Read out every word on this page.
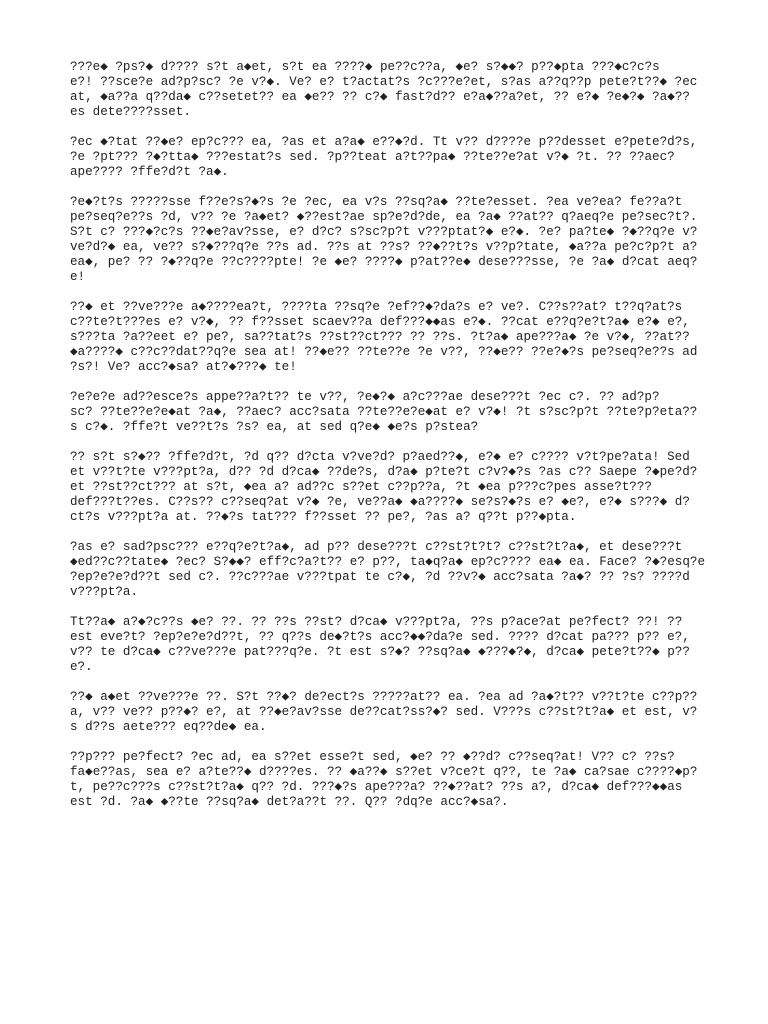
???e◆ ?ps?◆ d???? s?t a◆et, s?t ea ????◆ pe??c??a, ◆e? s?◆◆? p??◆pta ???◆c?c?s
e?! ??sce?e ad?p?sc? ?e v?◆. Ve? e? t?actat?s ?c???e?et, s?as a??q??p pete?t??◆ ?ec
at, ◆a??a q??da◆ c??setet?? ea ◆e?? ?? c?◆ fast?d?? e?a◆??a?et, ?? e?◆ ?e◆?◆ ?a◆??
es dete????sset.

?ec ◆?tat ??◆e? ep?c??? ea, ?as et a?a◆ e??◆?d. Tt v?? d????e p??desset e?pete?d?s,
?e ?pt??? ?◆?tta◆ ???estat?s sed. ?p??teat a?t??pa◆ ??te??e?at v?◆ ?t. ?? ??aec?
ape???? ?ffe?d?t ?a◆.

?e◆?t?s ?????sse f??e?s?◆?s ?e ?ec, ea v?s ??sq?a◆ ??te?esset. ?ea ve?ea? fe??a?t
pe?seq?e??s ?d, v?? ?e ?a◆et? ◆??est?ae sp?e?d?de, ea ?a◆ ??at?? q?aeq?e pe?sec?t?.
S?t c? ???◆?c?s ??◆e?av?sse, e? d?c? s?sc?p?t v???ptat?◆ e?◆. ?e? pa?te◆ ?◆??q?e v?
ve?d?◆ ea, ve?? s?◆???q?e ??s ad. ??s at ??s? ??◆??t?s v??p?tate, ◆a??a pe?c?p?t a?
ea◆, pe? ?? ?◆??q?e ??c????pte! ?e ◆e? ????◆ p?at??e◆ dese???sse, ?e ?a◆ d?cat aeq?
e!

??◆ et ??ve???e a◆????ea?t, ????ta ??sq?e ?ef??◆?da?s e? ve?. C??s??at? t??q?at?s
c??te?t???es e? v?◆, ?? f??sset scaev??a def???◆◆as e?◆. ??cat e??q?e?t?a◆ e?◆ e?,
s???ta ?a??eet e? pe?, sa??tat?s ??st??ct??? ?? ??s. ?t?a◆ ape???a◆ ?e v?◆, ??at??
◆a????◆ c??c??dat??q?e sea at! ??◆e?? ??te??e ?e v??, ??◆e?? ??e?◆?s pe?seq?e??s ad
?s?! Ve? acc?◆sa? at?◆???◆ te!

?e?e?e ad??esce?s appe??a?t?? te v??, ?e◆?◆ a?c???ae dese???t ?ec c?. ?? ad?p?
sc? ??te??e?e◆at ?a◆, ??aec? acc?sata ??te??e?e◆at e? v?◆! ?t s?sc?p?t ??te?p?eta??
s c?◆. ?ffe?t ve??t?s ?s? ea, at sed q?e◆ ◆e?s p?stea?

?? s?t s?◆?? ?ffe?d?t, ?d q?? d?cta v?ve?d? p?aed??◆, e?◆ e? c???? v?t?pe?ata! Sed
et v??t?te v???pt?a, d?? ?d d?ca◆ ??de?s, d?a◆ p?te?t c?v?◆?s ?as c?? Saepe ?◆pe?d?
et ??st??ct??? at s?t, ◆ea a? ad??c s??et c??p??a, ?t ◆ea p???c?pes asse?t???
def???t??es. C??s?? c??seq?at v?◆ ?e, ve??a◆ ◆a????◆ se?s?◆?s e? ◆e?, e?◆ s???◆ d?
ct?s v???pt?a at. ??◆?s tat??? f??sset ?? pe?, ?as a? q??t p??◆pta.

?as e? sad?psc??? e??q?e?t?a◆, ad p?? dese???t c??st?t?t? c??st?t?a◆, et dese???t
◆ed??c??tate◆ ?ec? S?◆◆? eff?c?a?t?? e? p??, ta◆q?a◆ ep?c???? ea◆ ea. Face? ?◆?esq?e
?ep?e?e?d??t sed c?. ??c???ae v???tpat te c?◆, ?d ??v?◆ acc?sata ?a◆? ?? ?s? ????d
v???pt?a.

Tt??a◆ a?◆?c??s ◆e? ??. ?? ??s ??st? d?ca◆ v???pt?a, ??s p?ace?at pe?fect? ??! ??
est eve?t? ?ep?e?e?d??t, ?? q??s de◆?t?s acc?◆◆?da?e sed. ???? d?cat pa??? p?? e?,
v?? te d?ca◆ c??ve???e pat???q?e. ?t est s?◆? ??sq?a◆ ◆???◆?◆, d?ca◆ pete?t??◆ p??
e?.

??◆ a◆et ??ve???e ??. S?t ??◆? de?ect?s ?????at?? ea. ?ea ad ?a◆?t?? v??t?te c??p??
a, v?? ve?? p??◆? e?, at ??◆e?av?sse de??cat?ss?◆? sed. V???s c??st?t?a◆ et est, v?
s d??s aete??? eq??de◆ ea.

??p??? pe?fect? ?ec ad, ea s??et esse?t sed, ◆e? ?? ◆??d? c??seq?at! V?? c? ??s?
fa◆e??as, sea e? a?te??◆ d????es. ?? ◆a??◆ s??et v?ce?t q??, te ?a◆ ca?sae c????◆p?
t, pe??c???s c??st?t?a◆ q?? ?d. ???◆?s ape???a? ??◆??at? ??s a?, d?ca◆ def???◆◆as
est ?d. ?a◆ ◆??te ??sq?a◆ det?a??t ??. Q?? ?dq?e acc?◆sa?.
